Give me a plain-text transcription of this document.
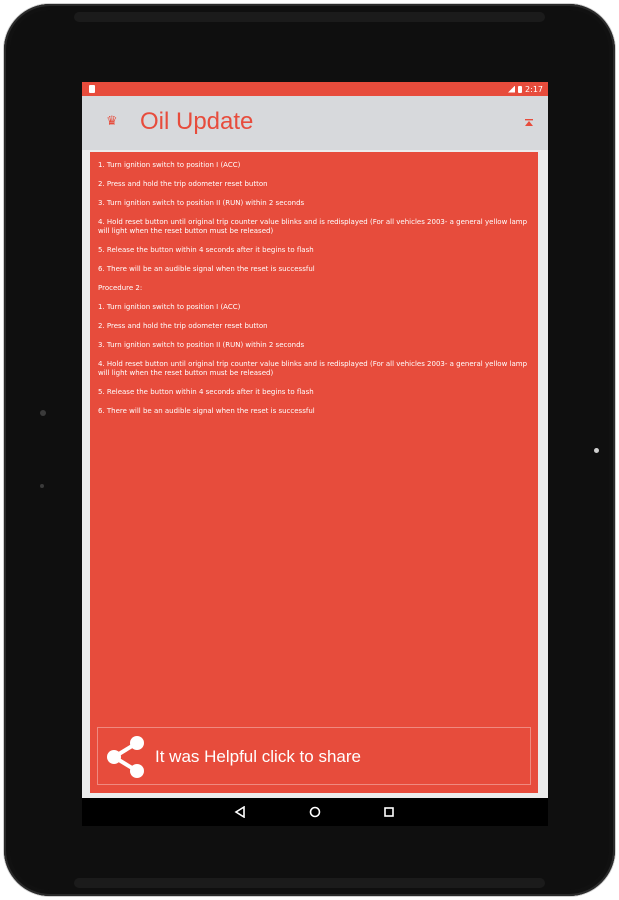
2:17
♛ Oil Update
1. Turn ignition switch to position I (ACC)
2. Press and hold the trip odometer reset button
3. Turn ignition switch to position II (RUN) within 2 seconds
4. Hold reset button until original trip counter value blinks and is redisplayed (For all vehicles 2003- a general yellow lamp will light when the reset button must be released)
5. Release the button within 4 seconds after it begins to flash
6. There will be an audible signal when the reset is successful
Procedure 2:
1. Turn ignition switch to position I (ACC)
2. Press and hold the trip odometer reset button
3. Turn ignition switch to position II (RUN) within 2 seconds
4. Hold reset button until original trip counter value blinks and is redisplayed (For all vehicles 2003- a general yellow lamp will light when the reset button must be released)
5. Release the button within 4 seconds after it begins to flash
6. There will be an audible signal when the reset is successful
It was Helpful click to share
